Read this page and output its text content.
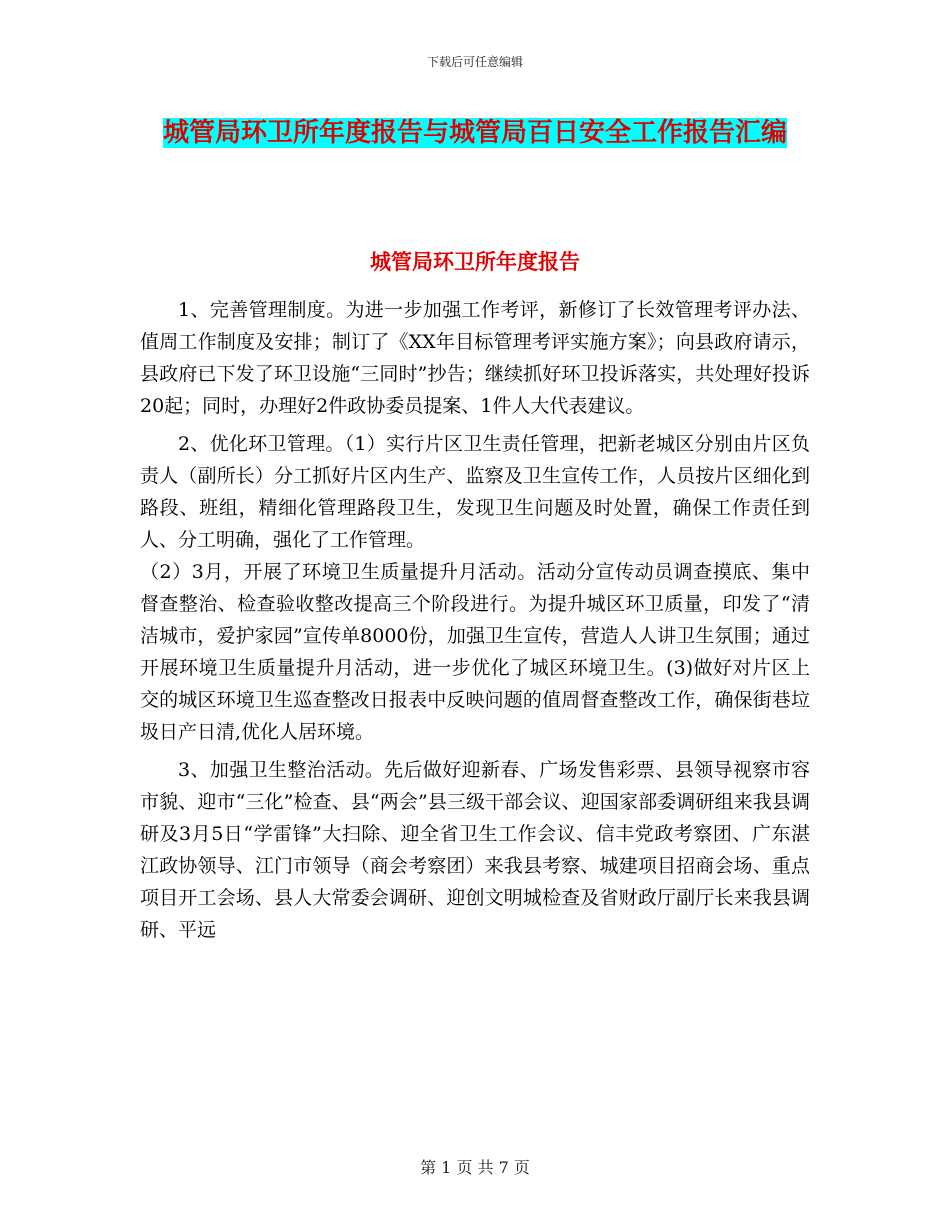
下载后可任意编辑
城管局环卫所年度报告与城管局百日安全工作报告汇编
城管局环卫所年度报告

1、完善管理制度。为进一步加强工作考评，新修订了长效管理考评办法、值周工作制度及安排；制订了《XX年目标管理考评实施方案》；向县政府请示，县政府已下发了环卫设施“三同时”抄告；继续抓好环卫投诉落实，共处理好投诉20起；同时，办理好2件政协委员提案、1件人大代表建议。

2、优化环卫管理。（1）实行片区卫生责任管理，把新老城区分别由片区负责人（副所长）分工抓好片区内生产、监察及卫生宣传工作，人员按片区细化到路段、班组，精细化管理路段卫生，发现卫生问题及时处置，确保工作责任到人、分工明确，强化了工作管理。

（2）3月，开展了环境卫生质量提升月活动。活动分宣传动员调查摸底、集中督查整治、检查验收整改提高三个阶段进行。为提升城区环卫质量，印发了“清洁城市，爱护家园”宣传单8000份，加强卫生宣传，营造人人讲卫生氛围；通过开展环境卫生质量提升月活动，进一步优化了城区环境卫生。(3)做好对片区上交的城区环境卫生巡查整改日报表中反映问题的值周督查整改工作，确保街巷垃圾日产日清,优化人居环境。

3、加强卫生整治活动。先后做好迎新春、广场发售彩票、县领导视察市容市貌、迎市“三化”检查、县“两会”县三级干部会议、迎国家部委调研组来我县调研及3月5日“学雷锋”大扫除、迎全省卫生工作会议、信丰党政考察团、广东湛江政协领导、江门市领导（商会考察团）来我县考察、城建项目招商会场、重点项目开工会场、县人大常委会调研、迎创文明城检查及省财政厅副厅长来我县调研、平远

第 1 页 共 7 页
